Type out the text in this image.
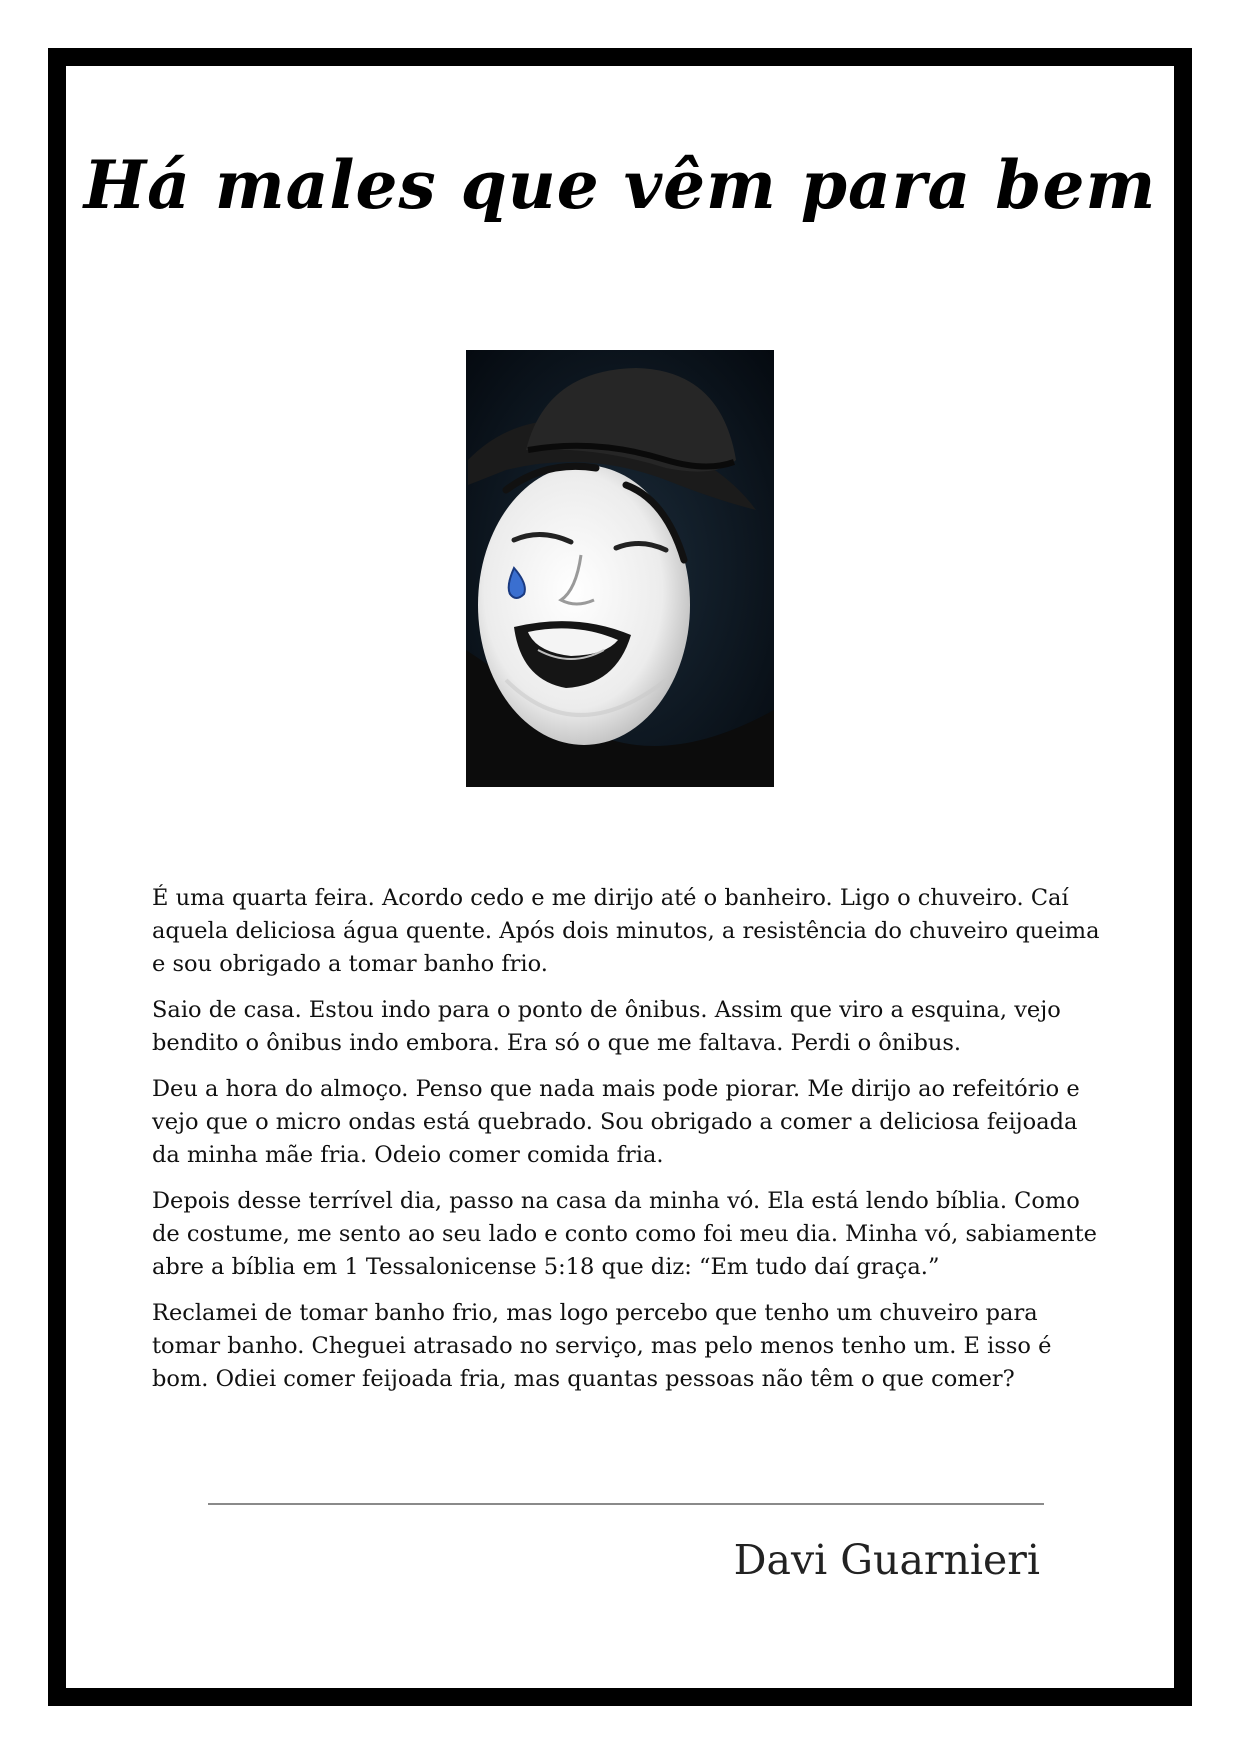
Há males que vêm para bem

É uma quarta feira. Acordo cedo e me dirijo até o banheiro. Ligo o chuveiro. Caí aquela deliciosa água quente. Após dois minutos, a resistência do chuveiro queima e sou obrigado a tomar banho frio.

Saio de casa. Estou indo para o ponto de ônibus. Assim que viro a esquina, vejo bendito o ônibus indo embora. Era só o que me faltava. Perdi o ônibus.

Deu a hora do almoço. Penso que nada mais pode piorar. Me dirijo ao refeitório e vejo que o micro ondas está quebrado. Sou obrigado a comer a deliciosa feijoada da minha mãe fria. Odeio comer comida fria.

Depois desse terrível dia, passo na casa da minha vó. Ela está lendo bíblia. Como de costume, me sento ao seu lado e conto como foi meu dia. Minha vó, sabiamente abre a bíblia em 1 Tessalonicense 5:18 que diz: “Em tudo daí graça.”

Reclamei de tomar banho frio, mas logo percebo que tenho um chuveiro para tomar banho. Cheguei atrasado no serviço, mas pelo menos tenho um. E isso é bom. Odiei comer feijoada fria, mas quantas pessoas não têm o que comer?

Davi Guarnieri
